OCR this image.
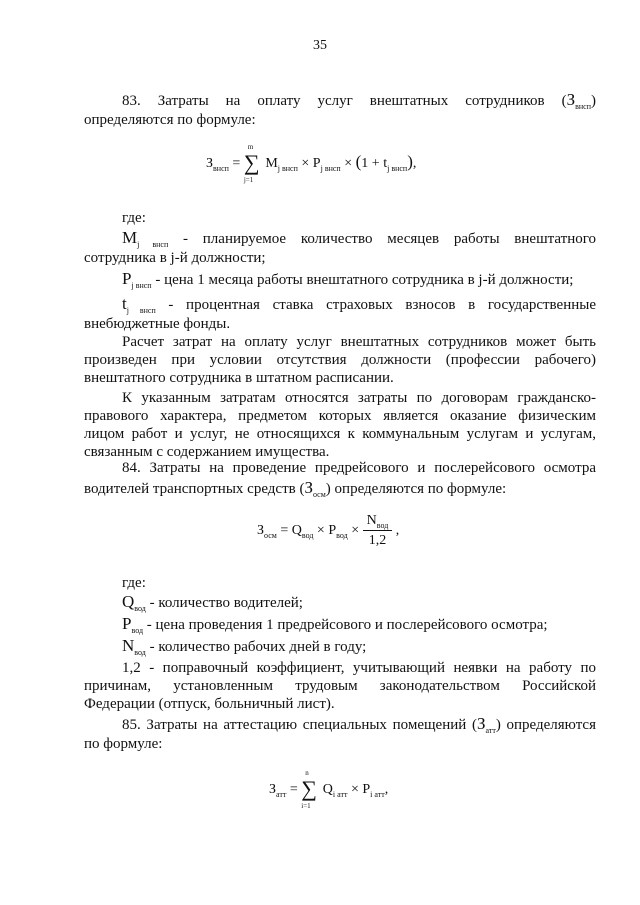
35
83. Затраты на оплату услуг внештатных сотрудников $(З_{внсп})$
определяются по формуле:
$З_{внсп}$ =
m
∑
j=1
$M_{j внсп} \times P_{j внсп} \times (1 + t_{j внсп})$,
где:
$M_{j внсп}$ - планируемое количество месяцев работы внештатного
сотрудника в j-й должности;
$P_{j внсп}$ - цена 1 месяца работы внештатного сотрудника в j-й должности;
$t_{j внсп}$ - процентная ставка страховых взносов в государственные
внебюджетные фонды.
Расчет затрат на оплату услуг внештатных сотрудников может быть
произведен при условии отсутствия должности (профессии рабочего)
внештатного сотрудника в штатном расписании.
К указанным затратам относятся затраты по договорам гражданско-
правового характера, предметом которых является оказание физическим
лицом работ и услуг, не относящихся к коммунальным услугам и услугам,
связанным с содержанием имущества.
84. Затраты на проведение предрейсового и послерейсового осмотра
водителей транспортных средств $(З_{осм})$ определяются по формуле:
$З_{осм} = Q_{вод} \times P_{вод} \times \frac{N_{вод}}{1,2}$ ,
где:
$Q_{вод}$ - количество водителей;
$P_{вод}$ - цена проведения 1 предрейсового и послерейсового осмотра;
$N_{вод}$ - количество рабочих дней в году;
1,2 - поправочный коэффициент, учитывающий неявки на работу по
причинам, установленным трудовым законодательством Российской
Федерации (отпуск, больничный лист).
85. Затраты на аттестацию специальных помещений $(З_{атт})$ определяются
по формуле:
$З_{атт}$ =
n
∑
i=1
$Q_{i атт} \times P_{i атт}$,
